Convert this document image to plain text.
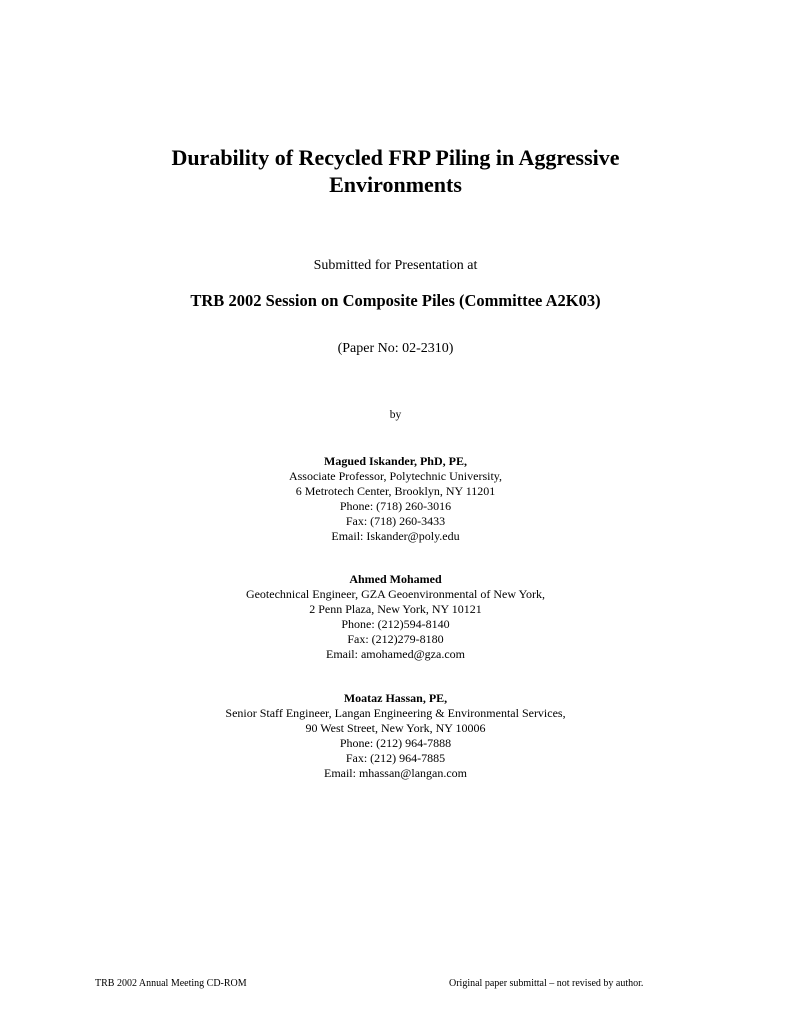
Durability of Recycled FRP Piling in Aggressive
Environments
Submitted for Presentation at
TRB 2002 Session on Composite Piles (Committee A2K03)
(Paper No: 02-2310)
by
Magued Iskander, PhD, PE,
Associate Professor, Polytechnic University,
6 Metrotech Center, Brooklyn, NY 11201
Phone: (718) 260-3016
Fax: (718) 260-3433
Email: Iskander@poly.edu
Ahmed Mohamed
Geotechnical Engineer, GZA Geoenvironmental of New York,
2 Penn Plaza, New York, NY 10121
Phone: (212)594-8140
Fax: (212)279-8180
Email: amohamed@gza.com
Moataz Hassan, PE,
Senior Staff Engineer, Langan Engineering & Environmental Services,
90 West Street, New York, NY 10006
Phone: (212) 964-7888
Fax: (212) 964-7885
Email: mhassan@langan.com
TRB 2002 Annual Meeting CD-ROM	Original paper submittal – not revised by author.
